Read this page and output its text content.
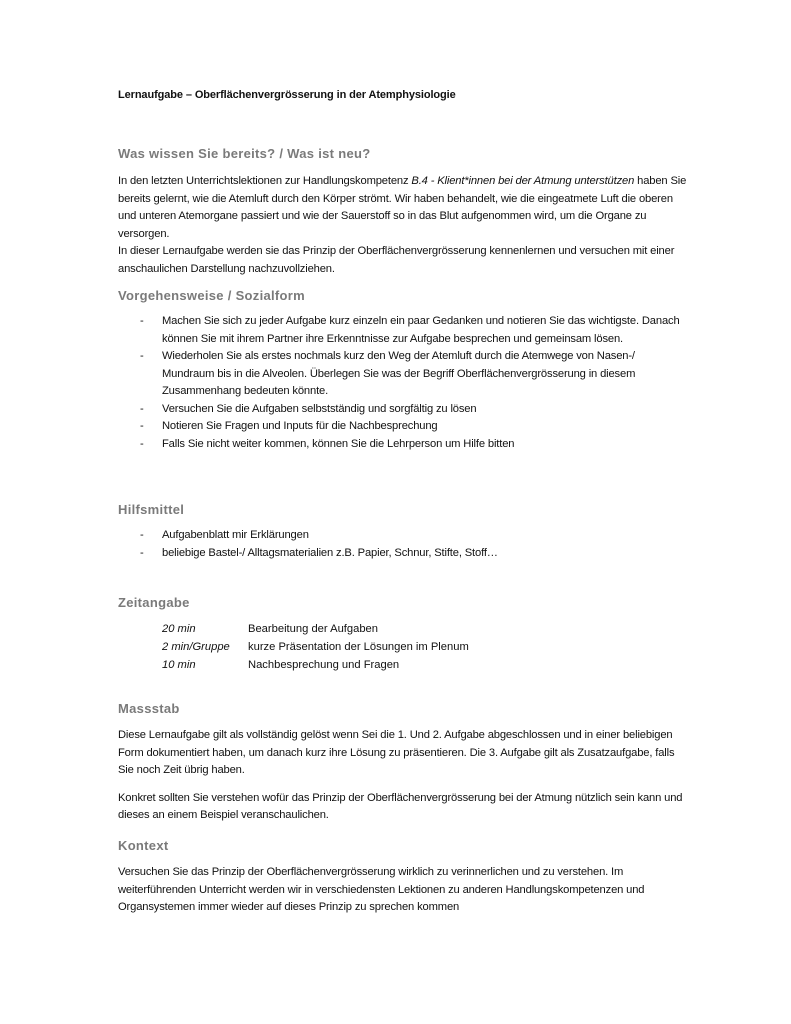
Lernaufgabe – Oberflächenvergrösserung in der Atemphysiologie
Was wissen Sie bereits? / Was ist neu?

In den letzten Unterrichtslektionen zur Handlungskompetenz B.4 - Klient*innen bei der Atmung unterstützen haben Sie bereits gelernt, wie die Atemluft durch den Körper strömt. Wir haben behandelt, wie die eingeatmete Luft die oberen und unteren Atemorgane passiert und wie der Sauerstoff so in das Blut aufgenommen wird, um die Organe zu versorgen.

In dieser Lernaufgabe werden sie das Prinzip der Oberflächenvergrösserung kennenlernen und versuchen mit einer anschaulichen Darstellung nachzuvollziehen.

Vorgehensweise / Sozialform
- Machen Sie sich zu jeder Aufgabe kurz einzeln ein paar Gedanken und notieren Sie das wichtigste. Danach können Sie mit ihrem Partner ihre Erkenntnisse zur Aufgabe besprechen und gemeinsam lösen.
- Wiederholen Sie als erstes nochmals kurz den Weg der Atemluft durch die Atemwege von Nasen-/ Mundraum bis in die Alveolen. Überlegen Sie was der Begriff Oberflächenvergrösserung in diesem Zusammenhang bedeuten könnte.
- Versuchen Sie die Aufgaben selbstständig und sorgfältig zu lösen
- Notieren Sie Fragen und Inputs für die Nachbesprechung
- Falls Sie nicht weiter kommen, können Sie die Lehrperson um Hilfe bitten
Hilfsmittel
- Aufgabenblatt mir Erklärungen
- beliebige Bastel-/ Alltagsmaterialien z.B. Papier, Schnur, Stifte, Stoff…
Zeitangabe
20 min	Bearbeitung der Aufgaben
2 min/Gruppe	kurze Präsentation der Lösungen im Plenum
10 min	Nachbesprechung und Fragen
Massstab

Diese Lernaufgabe gilt als vollständig gelöst wenn Sei die 1. Und 2. Aufgabe abgeschlossen und in einer beliebigen Form dokumentiert haben, um danach kurz ihre Lösung zu präsentieren. Die 3. Aufgabe gilt als Zusatzaufgabe, falls Sie noch Zeit übrig haben.

Konkret sollten Sie verstehen wofür das Prinzip der Oberflächenvergrösserung bei der Atmung nützlich sein kann und dieses an einem Beispiel veranschaulichen.

Kontext

Versuchen Sie das Prinzip der Oberflächenvergrösserung wirklich zu verinnerlichen und zu verstehen. Im weiterführenden Unterricht werden wir in verschiedensten Lektionen zu anderen Handlungskompetenzen und Organsystemen immer wieder auf dieses Prinzip zu sprechen kommen
